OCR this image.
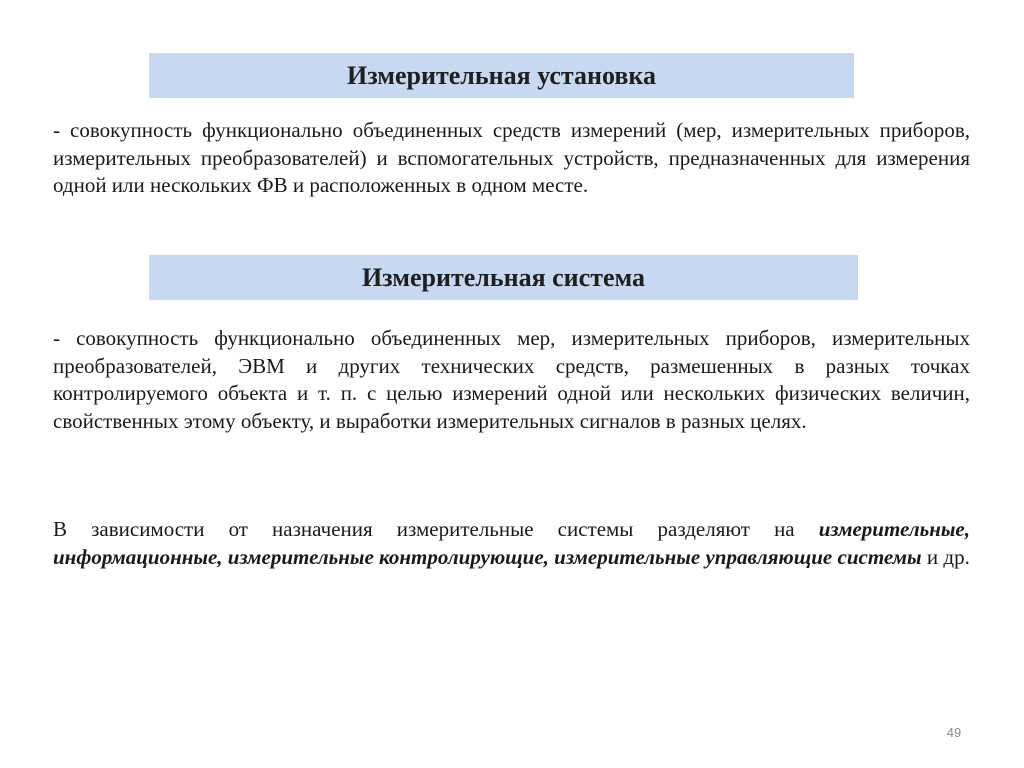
Измерительная установка
- совокупность функционально объединенных средств измерений (мер, измерительных приборов, измерительных преобразователей) и вспомогательных устройств, предназначенных для измерения одной или нескольких ФВ и расположенных в одном месте.
Измерительная система
- совокупность функционально объединенных мер, измерительных приборов, измерительных преобразователей, ЭВМ и других технических средств, размешенных в разных точках контролируемого объекта и т. п. с целью измерений одной или нескольких физических величин, свойственных этому объекту, и выработки измерительных сигналов в разных целях.
В зависимости от назначения измерительные системы разделяют на измерительные, информационные, измерительные контролирующие, измерительные управляющие системы и др.
49
